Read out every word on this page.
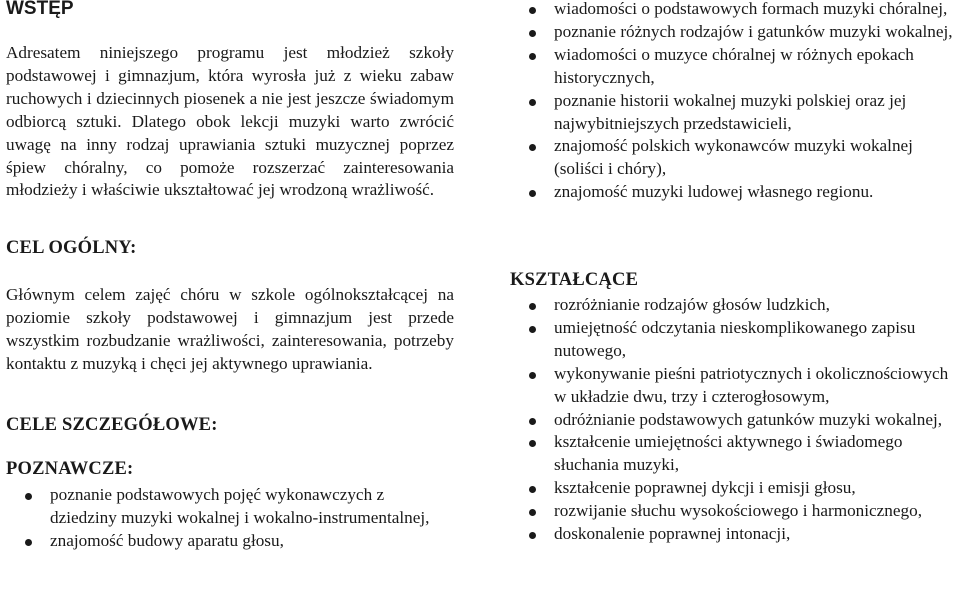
WSTĘP

Adresatem niniejszego programu jest młodzież szkoły podstawowej i gimnazjum, która wyrosła już z wieku zabaw ruchowych i dziecinnych piosenek a nie jest jeszcze świadomym odbiorcą sztuki. Dlatego obok lekcji muzyki warto zwrócić uwagę na inny rodzaj uprawiania sztuki muzycznej poprzez śpiew chóralny, co pomoże rozszerzać zainteresowania młodzieży i właściwie ukształtować jej wrodzoną wrażliwość.

CEL OGÓLNY:

Głównym celem zajęć chóru w szkole ogólnokształcącej na poziomie szkoły podstawowej i gimnazjum jest przede wszystkim rozbudzanie wrażliwości, zainteresowania, potrzeby kontaktu z muzyką i chęci jej aktywnego uprawiania.

CELE SZCZEGÓŁOWE:
POZNAWCZE:
poznanie podstawowych pojęć wykonawczych z dziedziny muzyki wokalnej i wokalno-instrumentalnej,
znajomość budowy aparatu głosu,
wiadomości o podstawowych formach muzyki chóralnej,
poznanie różnych rodzajów i gatunków muzyki wokalnej,
wiadomości o muzyce chóralnej w różnych epokach historycznych,
poznanie historii wokalnej muzyki polskiej oraz jej najwybitniejszych przedstawicieli,
znajomość polskich wykonawców muzyki wokalnej (soliści i chóry),
znajomość muzyki ludowej własnego regionu.
KSZTAŁCĄCE
rozróżnianie rodzajów głosów ludzkich,
umiejętność odczytania nieskomplikowanego zapisu nutowego,
wykonywanie pieśni patriotycznych i okolicznościowych w układzie dwu, trzy i czterogłosowym,
odróżnianie podstawowych gatunków muzyki wokalnej,
kształcenie umiejętności aktywnego i świadomego słuchania muzyki,
kształcenie poprawnej dykcji i emisji głosu,
rozwijanie słuchu wysokościowego i harmonicznego,
doskonalenie poprawnej intonacji,
